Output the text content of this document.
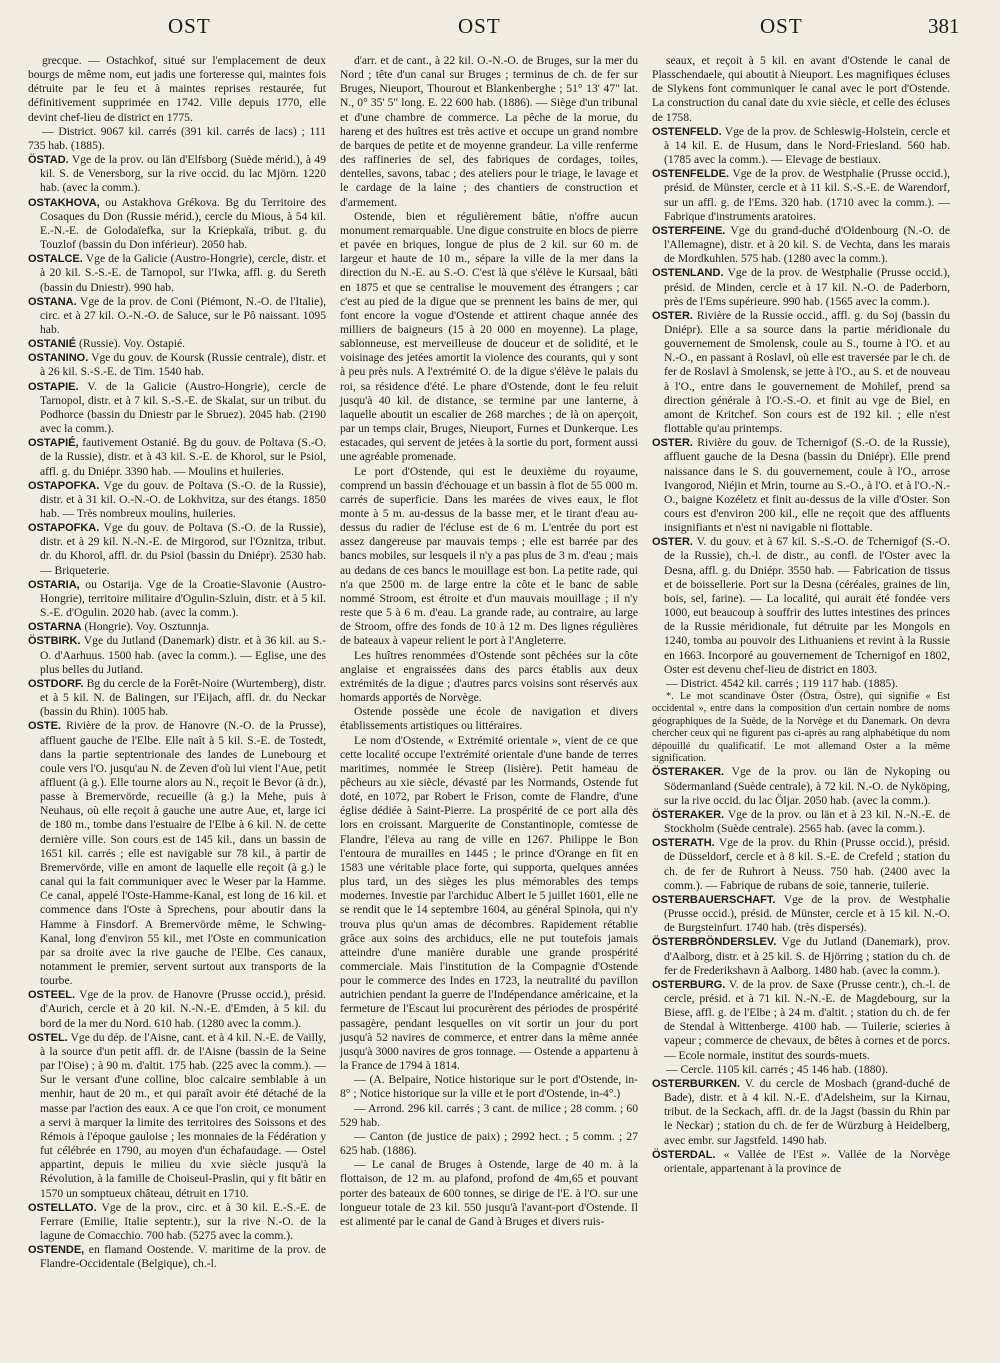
OST	OST	OST	381

grecque. — Ostachkof, situé sur l'emplacement de deux bourgs de même nom, eut jadis une forteresse qui, maintes fois détruite par le feu et à maintes reprises restaurée, fut définitivement supprimée en 1742. Ville depuis 1770, elle devint chef-lieu de district en 1775.

— District. 9067 kil. carrés (391 kil. carrés de lacs) ; 111 735 hab. (1885).

ÖSTAD. Vge de la prov. ou län d'Elfsborg (Suède mérid.), à 49 kil. S. de Venersborg, sur la rive occid. du lac Mjörn. 1220 hab. (avec la comm.).

OSTAKHOVA, ou Astakhova Grékova. Bg du Territoire des Cosaques du Don (Russie mérid.), cercle du Mious, à 54 kil. E.-N.-E. de Golodaïefka, sur la Kriepkaïa, tribut. g. du Touzlof (bassin du Don inférieur). 2050 hab.

OSTALCE. Vge de la Galicie (Austro-Hongrie), cercle, distr. et à 20 kil. S.-S.-E. de Tarnopol, sur l'Iwka, affl. g. du Sereth (bassin du Dniestr). 990 hab.

OSTANA. Vge de la prov. de Coni (Piémont, N.-O. de l'Italie), circ. et à 27 kil. O.-N.-O. de Saluce, sur le Pô naissant. 1095 hab.

OSTANIÉ (Russie). Voy. Ostapié.

OSTANINO. Vge du gouv. de Koursk (Russie centrale), distr. et à 26 kil. S.-S.-E. de Tim. 1540 hab.

OSTAPIE. V. de la Galicie (Austro-Hongrie), cercle de Tarnopol, distr. et à 7 kil. S.-S.-E. de Skalat, sur un tribut. du Podhorce (bassin du Dniestr par le Sbruez). 2045 hab. (2190 avec la comm.).

OSTAPIÉ, fautivement Ostanié. Bg du gouv. de Poltava (S.-O. de la Russie), distr. et à 43 kil. S.-E. de Khorol, sur le Psiol, affl. g. du Dniépr. 3390 hab. — Moulins et huileries.

OSTAPOFKA. Vge du gouv. de Poltava (S.-O. de la Russie), distr. et à 31 kil. O.-N.-O. de Lokhvitza, sur des étangs. 1850 hab. — Très nombreux moulins, huileries.

OSTAPOFKA. Vge du gouv. de Poltava (S.-O. de la Russie), distr. et à 29 kil. N.-N.-E. de Mirgorod, sur l'Oznitza, tribut. dr. du Khorol, affl. dr. du Psiol (bassin du Dniépr). 2530 hab. — Briqueterie.

OSTARIA, ou Ostarija. Vge de la Croatie-Slavonie (Austro-Hongrie), territoire militaire d'Ogulin-Szluin, distr. et à 5 kil. S.-E. d'Ogulin. 2020 hab. (avec la comm.).

OSTARNA (Hongrie). Voy. Osztunnja.

ÖSTBIRK. Vge du Jutland (Danemark) distr. et à 36 kil. au S.-O. d'Aarhuus. 1500 hab. (avec la comm.). — Eglise, une des plus belles du Jutland.

OSTDORF. Bg du cercle de la Forêt-Noire (Wurtemberg), distr. et à 5 kil. N. de Balingen, sur l'Eijach, affl. dr. du Neckar (bassin du Rhin). 1005 hab.

OSTE. Rivière de la prov. de Hanovre (N.-O. de la Prusse), affluent gauche de l'Elbe. Elle naît à 5 kil. S.-E. de Tostedt, dans la partie septentrionale des landes de Lunebourg et coule vers l'O. jusqu'au N. de Zeven d'où lui vient l'Aue, petit affluent (à g.). Elle tourne alors au N., reçoit le Bevor (à dr.), passe à Bremervörde, recueille (à g.) la Mehe, puis à Neuhaus, où elle reçoit à gauche une autre Aue, et, large ici de 180 m., tombe dans l'estuaire de l'Elbe à 6 kil. N. de cette dernière ville. Son cours est de 145 kil., dans un bassin de 1651 kil. carrés ; elle est navigable sur 78 kil., à partir de Bremervörde, ville en amont de laquelle elle reçoit (à g.) le canal qui la fait communiquer avec le Weser par la Hamme. Ce canal, appelé l'Oste-Hamme-Kanal, est long de 16 kil. et commence dans l'Oste à Sprechens, pour aboutir dans la Hamme à Finsdorf. A Bremervörde même, le Schwing-Kanal, long d'environ 55 kil., met l'Oste en communication par sa droite avec la rive gauche de l'Elbe. Ces canaux, notamment le premier, servent surtout aux transports de la tourbe.

OSTEEL. Vge de la prov. de Hanovre (Prusse occid.), présid. d'Aurich, cercle et à 20 kil. N.-N.-E. d'Emden, à 5 kil. du bord de la mer du Nord. 610 hab. (1280 avec la comm.).

OSTEL. Vge du dép. de l'Aisne, cant. et à 4 kil. N.-E. de Vailly, à la source d'un petit affl. dr. de l'Aisne (bassin de la Seine par l'Oise) ; à 90 m. d'altit. 175 hab. (225 avec la comm.). — Sur le versant d'une colline, bloc calcaire semblable à un menhir, haut de 20 m., et qui paraît avoir été détaché de la masse par l'action des eaux. A ce que l'on croit, ce monument a servi à marquer la limite des territoires des Soissons et des Rémois à l'époque gauloise ; les monnaies de la Fédération y fut célébrée en 1790, au moyen d'un échafaudage. — Ostel appartint, depuis le milieu du xvie siècle jusqu'à la Révolution, à la famille de Choiseul-Praslin, qui y fit bâtir en 1570 un somptueux château, détruit en 1710.

OSTELLATO. Vge de la prov., circ. et à 30 kil. E.-S.-E. de Ferrare (Emilie, Italie septentr.), sur la rive N.-O. de la lagune de Comacchio. 700 hab. (5275 avec la comm.).

OSTENDE, en flamand Oostende. V. maritime de la prov. de Flandre-Occidentale (Belgique), ch.-l.

d'arr. et de cant., à 22 kil. O.-N.-O. de Bruges, sur la mer du Nord ; tête d'un canal sur Bruges ; terminus de ch. de fer sur Bruges, Nieuport, Thourout et Blankenberghe ; 51° 13' 47" lat. N., 0° 35' 5" long. E. 22 600 hab. (1886). — Siège d'un tribunal et d'une chambre de commerce. La pêche de la morue, du hareng et des huîtres est très active et occupe un grand nombre de barques de petite et de moyenne grandeur. La ville renferme des raffineries de sel, des fabriques de cordages, toiles, dentelles, savons, tabac ; des ateliers pour le triage, le lavage et le cardage de la laine ; des chantiers de construction et d'armement.

Ostende, bien et régulièrement bâtie, n'offre aucun monument remarquable. Une digue construite en blocs de pierre et pavée en briques, longue de plus de 2 kil. sur 60 m. de largeur et haute de 10 m., sépare la ville de la mer dans la direction du N.-E. au S.-O. C'est là que s'élève le Kursaal, bâti en 1875 et que se centralise le mouvement des étrangers ; car c'est au pied de la digue que se prennent les bains de mer, qui font encore la vogue d'Ostende et attirent chaque année des milliers de baigneurs (15 à 20 000 en moyenne). La plage, sablonneuse, est merveilleuse de douceur et de solidité, et le voisinage des jetées amortit la violence des courants, qui y sont à peu près nuls. A l'extrémité O. de la digue s'élève le palais du roi, sa résidence d'été. Le phare d'Ostende, dont le feu reluit jusqu'à 40 kil. de distance, se termine par une lanterne, à laquelle aboutit un escalier de 268 marches ; de là on aperçoit, par un temps clair, Bruges, Nieuport, Furnes et Dunkerque. Les estacades, qui servent de jetées à la sortie du port, forment aussi une agréable promenade.

Le port d'Ostende, qui est le deuxième du royaume, comprend un bassin d'échouage et un bassin à flot de 55 000 m. carrés de superficie. Dans les marées de vives eaux, le flot monte à 5 m. au-dessus de la basse mer, et le tirant d'eau au-dessus du radier de l'écluse est de 6 m. L'entrée du port est assez dangereuse par mauvais temps ; elle est barrée par des bancs mobiles, sur lesquels il n'y a pas plus de 3 m. d'eau ; mais au dedans de ces bancs le mouillage est bon. La petite rade, qui n'a que 2500 m. de large entre la côte et le banc de sable nommé Stroom, est étroite et d'un mauvais mouillage ; il n'y reste que 5 à 6 m. d'eau. La grande rade, au contraire, au large de Stroom, offre des fonds de 10 à 12 m. Des lignes régulières de bateaux à vapeur relient le port à l'Angleterre.

Les huîtres renommées d'Ostende sont pêchées sur la côte anglaise et engraissées dans des parcs établis aux deux extrémités de la digue ; d'autres parcs voisins sont réservés aux homards apportés de Norvège.

Ostende possède une école de navigation et divers établissements artistiques ou littéraires.

Le nom d'Ostende, « Extrémité orientale », vient de ce que cette localité occupe l'extrémité orientale d'une bande de terres maritimes, nommée le Streep (lisière). Petit hameau de pêcheurs au xie siècle, dévasté par les Normands, Ostende fut doté, en 1072, par Robert le Frison, comte de Flandre, d'une église dédiée à Saint-Pierre. La prospérité de ce port alla dès lors en croissant. Marguerite de Constantinople, comtesse de Flandre, l'éleva au rang de ville en 1267. Philippe le Bon l'entoura de murailles en 1445 ; le prince d'Orange en fit en 1583 une véritable place forte, qui supporta, quelques années plus tard, un des sièges les plus mémorables des temps modernes. Investie par l'archiduc Albert le 5 juillet 1601, elle ne se rendit que le 14 septembre 1604, au général Spinola, qui n'y trouva plus qu'un amas de décombres. Rapidement rétablie grâce aux soins des archiducs, elle ne put toutefois jamais atteindre d'une manière durable une grande prospérité commerciale. Mais l'institution de la Compagnie d'Ostende pour le commerce des Indes en 1723, la neutralité du pavillon autrichien pendant la guerre de l'Indépendance américaine, et la fermeture de l'Escaut lui procurèrent des périodes de prospérité passagère, pendant lesquelles on vit sortir un jour du port jusqu'à 52 navires de commerce, et entrer dans la même année jusqu'à 3000 navires de gros tonnage. — Ostende a appartenu à la France de 1794 à 1814.

— (A. Belpaire, Notice historique sur le port d'Ostende, in-8° ; Notice historique sur la ville et le port d'Ostende, in-4°.)

— Arrond. 296 kil. carrés ; 3 cant. de milice ; 28 comm. ; 60 529 hab.

— Canton (de justice de paix) ; 2992 hect. ; 5 comm. ; 27 625 hab. (1886).

— Le canal de Bruges à Ostende, large de 40 m. à la flottaison, de 12 m. au plafond, profond de 4m,65 et pouvant porter des bateaux de 600 tonnes, se dirige de l'E. à l'O. sur une longueur totale de 23 kil. 550 jusqu'à l'avant-port d'Ostende. Il est alimenté par le canal de Gand à Bruges et divers ruis-

seaux, et reçoit à 5 kil. en avant d'Ostende le canal de Plasschendaele, qui aboutit à Nieuport. Les magnifiques écluses de Slykens font communiquer le canal avec le port d'Ostende. La construction du canal date du xvie siècle, et celle des écluses de 1758.

OSTENFELD. Vge de la prov. de Schleswig-Holstein, cercle et à 14 kil. E. de Husum, dans le Nord-Friesland. 560 hab. (1785 avec la comm.). — Elevage de bestiaux.

OSTENFELDE. Vge de la prov. de Westphalie (Prusse occid.), présid. de Münster, cercle et à 11 kil. S.-S.-E. de Warendorf, sur un affl. g. de l'Ems. 320 hab. (1710 avec la comm.). — Fabrique d'instruments aratoires.

OSTERFEINE. Vge du grand-duché d'Oldenbourg (N.-O. de l'Allemagne), distr. et à 20 kil. S. de Vechta, dans les marais de Mordkuhlen. 575 hab. (1280 avec la comm.).

OSTENLAND. Vge de la prov. de Westphalie (Prusse occid.), présid. de Minden, cercle et à 17 kil. N.-O. de Paderborn, près de l'Ems supérieure. 990 hab. (1565 avec la comm.).

OSTER. Rivière de la Russie occid., affl. g. du Soj (bassin du Dniépr). Elle a sa source dans la partie méridionale du gouvernement de Smolensk, coule au S., tourne à l'O. et au N.-O., en passant à Roslavl, où elle est traversée par le ch. de fer de Roslavl à Smolensk, se jette à l'O., au S. et de nouveau à l'O., entre dans le gouvernement de Mohilef, prend sa direction générale à l'O.-S.-O. et finit au vge de Biel, en amont de Kritchef. Son cours est de 192 kil. ; elle n'est flottable qu'au printemps.

OSTER. Rivière du gouv. de Tchernigof (S.-O. de la Russie), affluent gauche de la Desna (bassin du Dniépr). Elle prend naissance dans le S. du gouvernement, coule à l'O., arrose Ivangorod, Niéjin et Mrin, tourne au S.-O., à l'O. et à l'O.-N.-O., baigne Kozéletz et finit au-dessus de la ville d'Oster. Son cours est d'environ 200 kil., elle ne reçoit que des affluents insignifiants et n'est ni navigable ni flottable.

OSTER. V. du gouv. et à 67 kil. S.-S.-O. de Tchernigof (S.-O. de la Russie), ch.-l. de distr., au confl. de l'Oster avec la Desna, affl. g. du Dniépr. 3550 hab. — Fabrication de tissus et de boissellerie. Port sur la Desna (céréales, graines de lin, bois, sel, farine). — La localité, qui aurait été fondée vers 1000, eut beaucoup à souffrir des luttes intestines des princes de la Russie méridionale, fut détruite par les Mongols en 1240, tomba au pouvoir des Lithuaniens et revint à la Russie en 1663. Incorporé au gouvernement de Tchernigof en 1802, Oster est devenu chef-lieu de district en 1803.

— District. 4542 kil. carrés ; 119 117 hab. (1885).

*. Le mot scandinave Öster (Östra, Östre), qui signifie « Est occidental », entre dans la composition d'un certain nombre de noms géographiques de la Suède, de la Norvège et du Danemark. On devra chercher ceux qui ne figurent pas ci-après au rang alphabétique du nom dépouillé du qualificatif. Le mot allemand Oster a la même signification.

ÖSTERAKER. Vge de la prov. ou län de Nykoping ou Södermanland (Suède centrale), à 72 kil. N.-O. de Nyköping, sur la rive occid. du lac Öljar. 2050 hab. (avec la comm.).

ÖSTERAKER. Vge de la prov. ou län et à 23 kil. N.-N.-E. de Stockholm (Suède centrale). 2565 hab. (avec la comm.).

OSTERATH. Vge de la prov. du Rhin (Prusse occid.), présid. de Düsseldorf, cercle et à 8 kil. S.-E. de Crefeld ; station du ch. de fer de Ruhrort à Neuss. 750 hab. (2400 avec la comm.). — Fabrique de rubans de soie, tannerie, tuilerie.

OSTERBAUERSCHAFT. Vge de la prov. de Westphalie (Prusse occid.), présid. de Münster, cercle et à 15 kil. N.-O. de Burgsteinfurt. 1740 hab. (très dispersés).

ÖSTERBRÖNDERSLEV. Vge du Jutland (Danemark), prov. d'Aalborg, distr. et à 25 kil. S. de Hjörring ; station du ch. de fer de Frederikshavn à Aalborg. 1480 hab. (avec la comm.).

OSTERBURG. V. de la prov. de Saxe (Prusse centr.), ch.-l. de cercle, présid. et à 71 kil. N.-N.-E. de Magdebourg, sur la Biese, affl. g. de l'Elbe ; à 24 m. d'altit. ; station du ch. de fer de Stendal à Wittenberge. 4100 hab. — Tuilerie, scieries à vapeur ; commerce de chevaux, de bêtes à cornes et de porcs. — Ecole normale, institut des sourds-muets.

— Cercle. 1105 kil. carrés ; 45 146 hab. (1880).

OSTERBURKEN. V. du cercle de Mosbach (grand-duché de Bade), distr. et à 4 kil. N.-E. d'Adelsheim, sur la Kirnau, tribut. de la Seckach, affl. dr. de la Jagst (bassin du Rhin par le Neckar) ; station du ch. de fer de Würzburg à Heidelberg, avec embr. sur Jagstfeld. 1490 hab.

ÖSTERDAL. « Vallée de l'Est ». Vallée de la Norvège orientale, appartenant à la province de
